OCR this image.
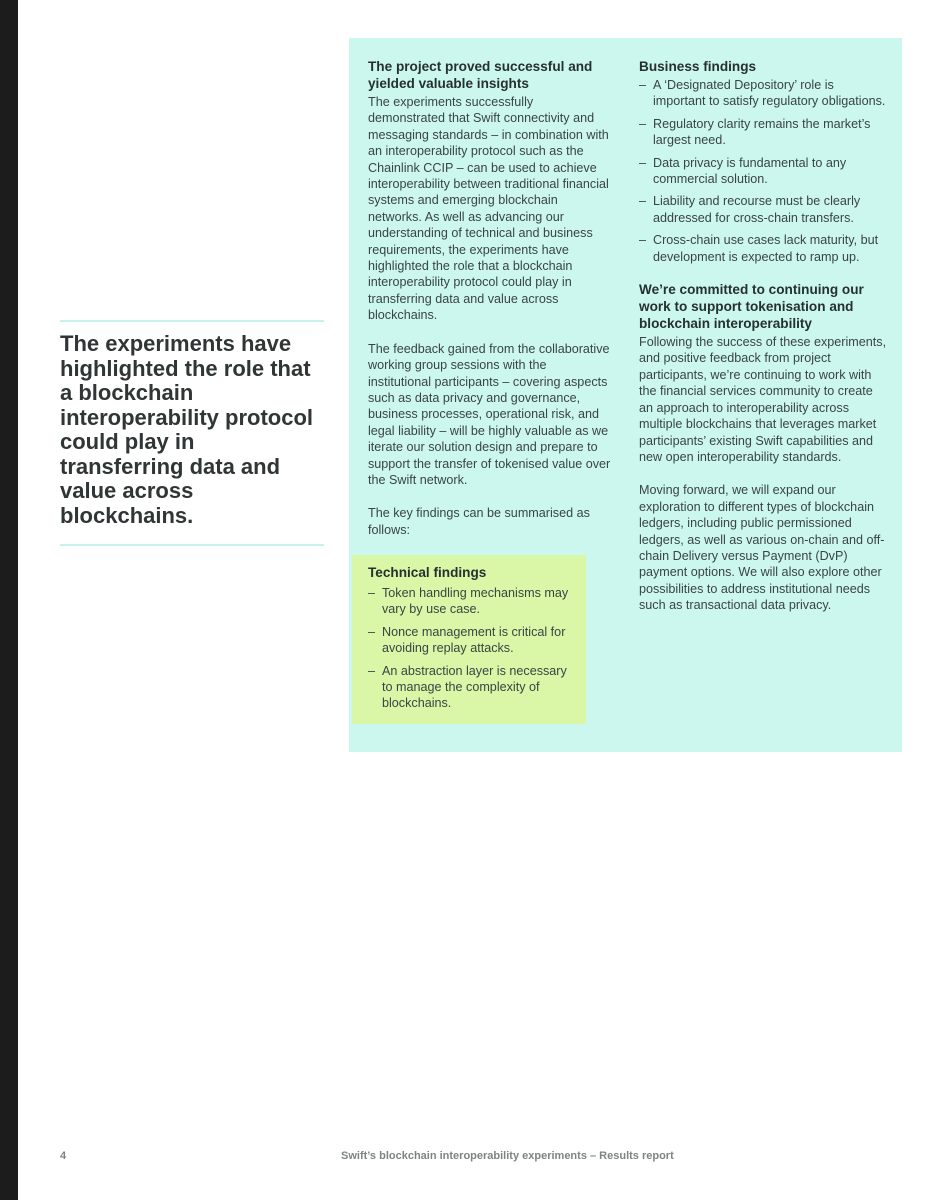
The experiments have highlighted the role that a blockchain interoperability protocol could play in transferring data and value across blockchains.
The project proved successful and yielded valuable insights

The experiments successfully demonstrated that Swift connectivity and messaging standards – in combination with an interoperability protocol such as the Chainlink CCIP – can be used to achieve interoperability between traditional financial systems and emerging blockchain networks. As well as advancing our understanding of technical and business requirements, the experiments have highlighted the role that a blockchain interoperability protocol could play in transferring data and value across blockchains.

The feedback gained from the collaborative working group sessions with the institutional participants – covering aspects such as data privacy and governance, business processes, operational risk, and legal liability – will be highly valuable as we iterate our solution design and prepare to support the transfer of tokenised value over the Swift network.

The key findings can be summarised as follows:

Technical findings
– Token handling mechanisms may vary by use case.
– Nonce management is critical for avoiding replay attacks.
– An abstraction layer is necessary to manage the complexity of blockchains.
Business findings
– A ‘Designated Depository’ role is important to satisfy regulatory obligations.
– Regulatory clarity remains the market’s largest need.
– Data privacy is fundamental to any commercial solution.
– Liability and recourse must be clearly addressed for cross-chain transfers.
– Cross-chain use cases lack maturity, but development is expected to ramp up.
We’re committed to continuing our work to support tokenisation and blockchain interoperability

Following the success of these experiments, and positive feedback from project participants, we’re continuing to work with the financial services community to create an approach to interoperability across multiple blockchains that leverages market participants’ existing Swift capabilities and new open interoperability standards.

Moving forward, we will expand our exploration to different types of blockchain ledgers, including public permissioned ledgers, as well as various on-chain and off-chain Delivery versus Payment (DvP) payment options. We will also explore other possibilities to address institutional needs such as transactional data privacy.

4	Swift’s blockchain interoperability experiments – Results report
